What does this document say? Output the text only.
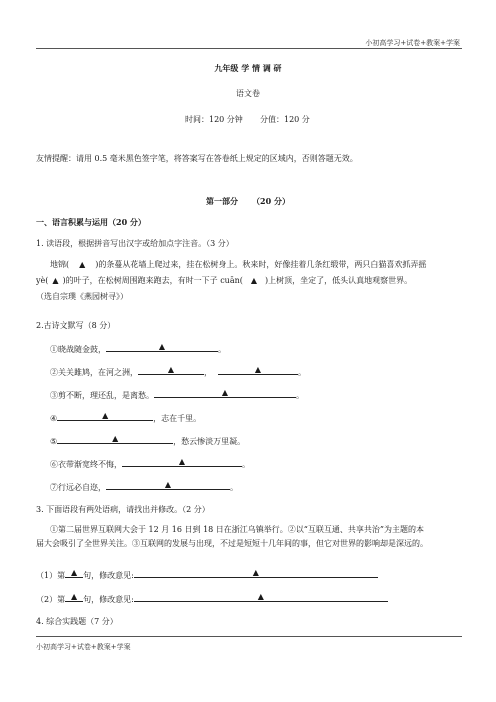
小初高学习+试卷+教案+学案
九年级 学 情 调 研
语文卷
时间：120 分钟 分值：120 分
友情提醒：请用 0.5 毫米黑色签字笔，将答案写在答卷纸上规定的区域内，否则答题无效。
第一部分 （20 分）
一、语言积累与运用（20 分）
1. 读语段，根据拼音写出汉字或给加点字注音。（3 分）
地锦( ▲ )的条蔓从花墙上爬过来，挂在松树身上。秋来时，好像挂着几条红缎带，两只白猫喜欢抓弄摇
yè( ▲ )的叶子，在松树周围跑来跑去，有时一下子 cuān( ▲ )上树顶，坐定了，低头认真地观察世界。
（选自宗璞《燕园树寻》）
2.古诗文默写（8 分）
①晓战随金鼓，	▲	。
②关关雎鸠，在河之洲，	▲	，	▲	。
③剪不断，理还乱，是离愁。	▲	。
④	▲	，志在千里。
⑤	▲	，愁云惨淡万里凝。
⑥衣带渐宽终不悔，	▲	。
⑦行远必自迩，	▲	。
3. 下面语段有两处语病，请找出并修改。（2 分）
①第二届世界互联网大会于 12 月 16 日到 18 日在浙江乌镇举行。②以“互联互通、共享共治”为主题的本
届大会吸引了全世界关注。③互联网的发展与出现，不过是短短十几年间的事，但它对世界的影响却是深远的。
（1）第 ▲ 句，修改意见:	▲
（2）第 ▲ 句，修改意见:	▲
4. 综合实践题（7 分）
小初高学习+试卷+教案+学案
